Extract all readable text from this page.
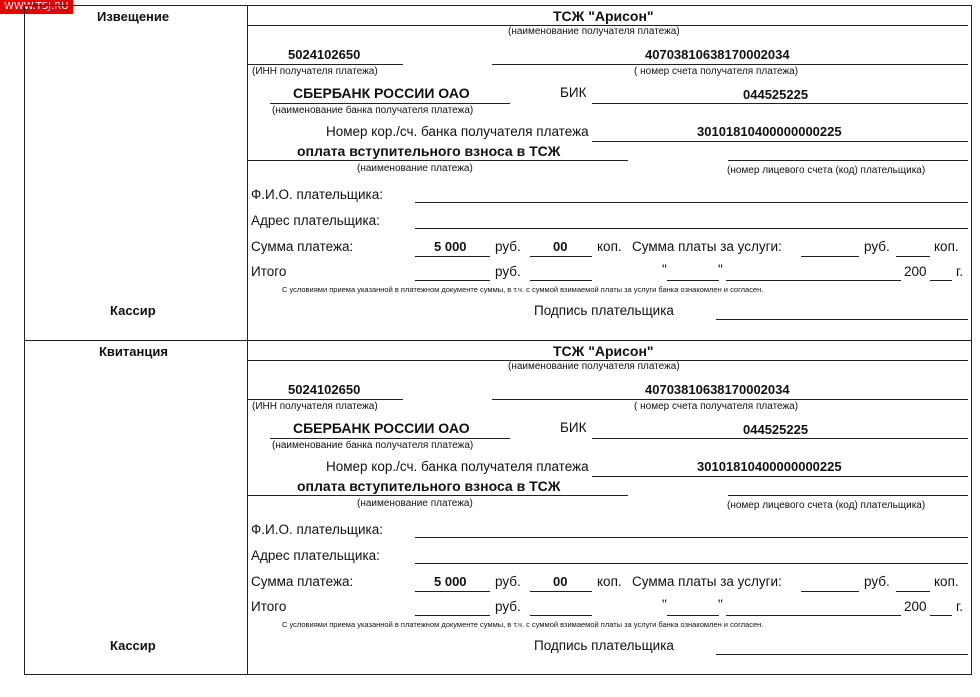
WWW.TSJ.RU
Извещение
Кассир
ТСЖ "Арисон"
(наименование получателя платежа)
5024102650
(ИНН получателя платежа)
40703810638170002034
( номер счета получателя платежа)
СБЕРБАНК РОССИИ ОАО
(наименование банка получателя платежа)
БИК	044525225
Номер кор./сч. банка получателя платежа	30101810400000000225
оплата вступительного взноса в ТСЖ
(наименование платежа)	(номер лицевого счета (код) плательщика)
Ф.И.О. плательщика:
Адрес плательщика:
Сумма платежа:	5 000 руб. 00 коп. Сумма платы за услуги:	руб.	коп.
Итого	руб.	"	"	200 г.
С условиями приема указанной в платежном документе суммы, в т.ч. с суммой взимаемой платы за услуги банка ознакомлен и согласен.
Подпись плательщика
Квитанция
Кассир
ТСЖ "Арисон"
(наименование получателя платежа)
5024102650
(ИНН получателя платежа)
40703810638170002034
( номер счета получателя платежа)
СБЕРБАНК РОССИИ ОАО
(наименование банка получателя платежа)
БИК	044525225
Номер кор./сч. банка получателя платежа	30101810400000000225
оплата вступительного взноса в ТСЖ
(наименование платежа)	(номер лицевого счета (код) плательщика)
Ф.И.О. плательщика:
Адрес плательщика:
Сумма платежа:	5 000 руб. 00 коп. Сумма платы за услуги:	руб.	коп.
Итого	руб.	"	"	200 г.
С условиями приема указанной в платежном документе суммы, в т.ч. с суммой взимаемой платы за услуги банка ознакомлен и согласен.
Подпись плательщика
